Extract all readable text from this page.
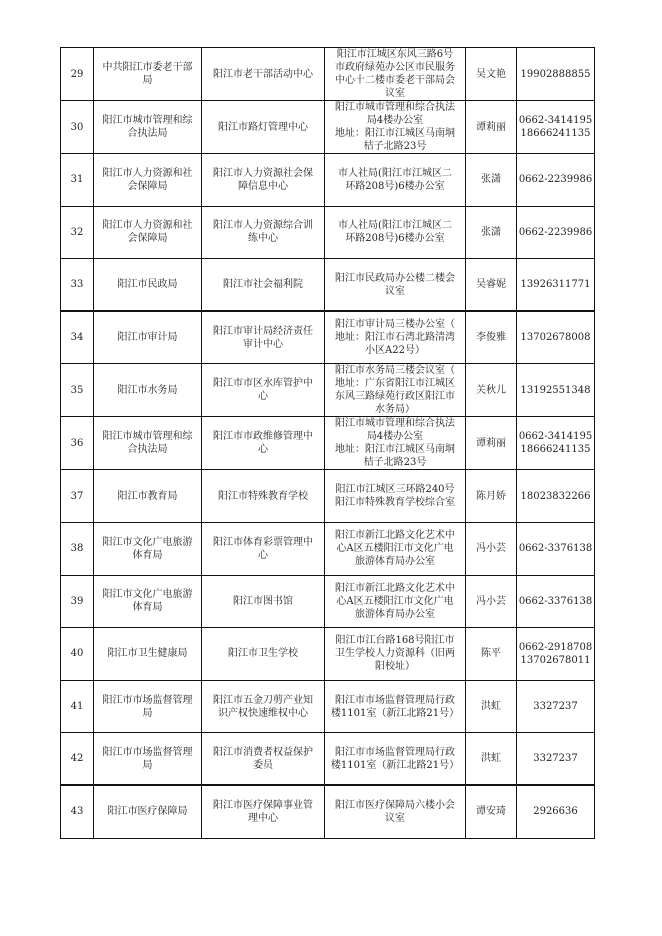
29	中共阳江市委老干部
局	阳江市老干部活动中心	阳江市江城区东风三路6号
市政府绿苑办公区市民服务
中心十二楼市委老干部局会
议室	吴文艳	19902888855
30	阳江市城市管理和综
合执法局	阳江市路灯管理中心	阳江市城市管理和综合执法
局4楼办公室
地址：阳江市江城区马南垌
桔子北路23号	谭莉丽	0662-3414195
18666241135
31	阳江市人力资源和社
会保障局	阳江市人力资源社会保
障信息中心	市人社局(阳江市江城区二
环路208号)6楼办公室	张潇	0662-2239986
32	阳江市人力资源和社
会保障局	阳江市人力资源综合训
练中心	市人社局(阳江市江城区二
环路208号)6楼办公室	张潇	0662-2239986
33	阳江市民政局	阳江市社会福利院	阳江市民政局办公楼二楼会
议室	吴睿妮	13926311771
34	阳江市审计局	阳江市审计局经济责任
审计中心	阳江市审计局三楼办公室（
地址：阳江市石湾北路清湾
小区A22号）	李俊雅	13702678008
35	阳江市水务局	阳江市市区水库管护中
心	阳江市水务局三楼会议室（
地址：广东省阳江市江城区
东风三路绿苑行政区阳江市
水务局）	关秋儿	13192551348
36	阳江市城市管理和综
合执法局	阳江市市政维修管理中
心	阳江市城市管理和综合执法
局4楼办公室
地址：阳江市江城区马南垌
桔子北路23号	谭莉丽	0662-3414195
18666241135
37	阳江市教育局	阳江市特殊教育学校	阳江市江城区三环路240号
阳江市特殊教育学校综合室	陈月娇	18023832266
38	阳江市文化广电旅游
体育局	阳江市体育彩票管理中
心	阳江市新江北路文化艺术中
心A区五楼阳江市文化广电
旅游体育局办公室	冯小芸	0662-3376138
39	阳江市文化广电旅游
体育局	阳江市图书馆	阳江市新江北路文化艺术中
心A区五楼阳江市文化广电
旅游体育局办公室	冯小芸	0662-3376138
40	阳江市卫生健康局	阳江市卫生学校	阳江市江台路168号阳江市
卫生学校人力资源科（旧两
阳校址）	陈平	0662-2918708
13702678011
41	阳江市市场监督管理
局	阳江市五金刀剪产业知
识产权快速维权中心	阳江市市场监督管理局行政
楼1101室（新江北路21号）	洪虹	3327237
42	阳江市市场监督管理
局	阳江市消费者权益保护
委员	阳江市市场监督管理局行政
楼1101室（新江北路21号）	洪虹	3327237
43	阳江市医疗保障局	阳江市医疗保障事业管
理中心	阳江市医疗保障局六楼小会
议室	谭安琦	2926636
